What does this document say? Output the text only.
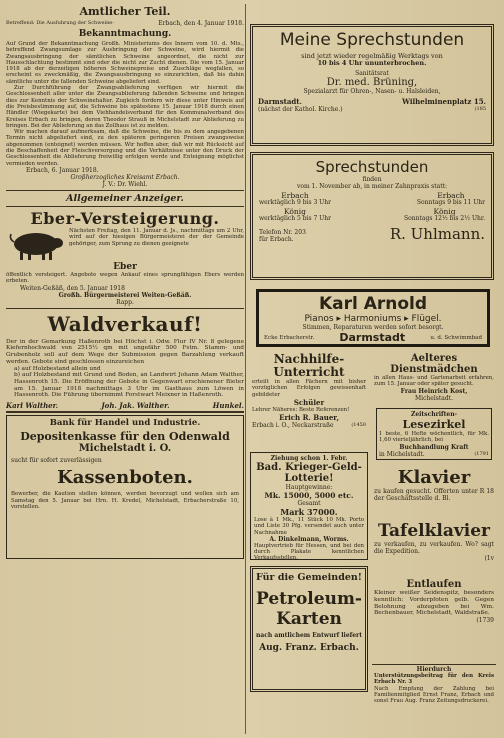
Amtlicher Teil.
Betreffend: Die Ausfuhrung der Schweine-	Erbach, den 4. Januar 1918.
Bekanntmachung.
Auf Grund der Bekanntmachung Großh. Ministeriums des Innern vom 10. d. Mts., betreffend Zwangsumlage zur Ausbringung der Schweine, wird hiermit die Zwangsausbringung der sämtlichen Schweine angeordnet, die nicht zur Hausschlachtung bestimmt sind oder die nicht zur Zucht dienen. Die vom 15. Januar 1918 ab der derzeitigen höheren Schweinepreise und Zuschläge wegfallen, so erscheint es zweckmäßig, die Zwangsausbringung so einzurichten, daß bis dahin sämtliche unter die fallenden Schweine abgeliefert sind.
Zur Durchführung der Zwangsablieferung verfügen wir hiermit die Geschlossenheit aller unter die Zwangsablieferung fallenden Schweine und bringen dies zur Kenntnis der Schweinehalter. Zugleich fordern wir diese unter Hinweis auf die Preisbestimmung auf, die Schweine bis spätestens 15. Januar 1918 durch einen Händler (Wiegekarte) bei dem Viehhandelsverband für den Kommunalverband des Kreises Erbach zu bringen, deren Theodor Strauß in Michelstadt zur Ablieferung zu bringen. Bei der Ablieferung an das Zollhaus ist zu melden.
Wir machen darauf aufmerksam, daß die Schweine, die bis zu dem angegebenen Termin nicht abgeliefert sind, zu den späteren geringeren Preisen zwangsweise abgenommen (enteignet) werden müssen. Wir hoffen aber, daß wir mit Rücksicht auf die Beschaffenheit der Fleischversorgung und die Verhältnisse unter den Druck der Geschlossenheit die Ablieferung freiwillig erfolgen werde und Enteignung möglichst vermieden werden.
Erbach, 6. Januar 1918.
Großherzogliches Kreisamt Erbach.
J. V.: Dr. Wiehl.
Allgemeiner Anzeiger.
Eber-Versteigerung.
Nächsten Freitag, den 11. Januar d. Js., nachmittags um 2 Uhr, wird auf der hiesigen Bürgermeisterei der der Gemeinde gehöriger, zum Sprung zu dienen geeignete
Eber
öffentlich versteigert. Angebote wegen Ankauf eines sprungfähigen Ebers werden erbeten.
Weiten-Geßäß, den 5. Januar 1918
Großh. Bürgermeisterei Weiten-Geßäß.
Rapp.
Waldverkauf!
Der in der Gemarkung Haßenroth bei Höchst i. Odw. Flur IV Nr. 8 gelegene Kiefernhochwald von 2515½ qm mit ungefähr 500 Fstm. Stamm- und Grubenholz soll auf dem Wege der Submission gegen Barzahlung verkauft werden. Gebote sind geschlossen einzureichen
a) auf Holzbestand allein und
b) auf Holzbestand mit Grund und Boden, an Landwirt Johann Adam Walther, Hassenroth 15. Die Eröffnung der Gebote in Gegenwart erschienener Bieter am 15. Januar 1918 nachmittags 3 Uhr im Gasthaus zum Löwen in Hassenroth. Die Führung übernimmt Forstwart Meixner in Haßenroth.
Karl Walther.	Joh. Jak. Walther.	Hunkel.
Bank für Handel und Industrie.
Depositenkasse für den Odenwald
Michelstadt i. O.
sucht für sofort zuverlässigen
Kassenboten.
Bewerber, die Kaution stellen können, werden bevorzugt und wollen sich am Samstag den 5. Januar bei Hrn. H. Kredel, Michelstadt, Erbacherstraße 10, vorstellen.
Meine Sprechstunden
sind jetzt wieder regelmäßig Werktags von
10 bis 4 Uhr ununterbrochen.
Sanitätsrat
Dr. med. Brüning,
Spezialarzt für Ohren-, Nasen- u. Halsleiden,
Darmstadt.	Wilhelminenplatz 15.
(nächst der Kathol. Kirche.)	(185
Sprechstunden
finden
vom 1. November ab, in meiner Zahnpraxis statt:
Erbach
werktäglich 9 bis 3 Uhr
Erbach
Sonntags 9 bis 11 Uhr
König
werktäglich 5 bis 7 Uhr
König
Sonntags 12½ bis 2½ Uhr.
Telefon Nr. 203
für Erbach.	R. Uhlmann.
Karl Arnold
Pianos ▸ Harmoniums ▸ Flügel.
Stimmen, Reparaturen werden sofort besorgt.
Ecke Erbacherstr. Darmstadt	u. d. Schwimmbad
Nachhilfe-Unterricht
erteilt in allen Fächern mit bisher vorzüglichen Erfolgen gewissenhaft gebildeter
Schüler
Lehrer Näheres: Beste Referenzen!
Erich R. Bauer,
Erbach i. O., Neckarstraße	(1450
Ziehung schon 1. Febr.
Bad. Krieger-Geld-Lotterie!
Hauptgewinne:
Mk. 15000, 5000 etc.
Gesamt
Mark 37000.
Lose à 1 Mk., 11 Stück 10 Mk. Porto und Liste 30 Pfg. versendet auch unter Nachnahme
A. Dinkelmann, Worms.
Hauptvertrieb für Hessen, und bei den durch Plakate kenntlichen Verkaufsstellen.
Aelteres Dienstmädchen
in allen Haus- und Gartenarbeit erfahren, zum 15. Januar oder später gesucht.
Frau Heinrich Kost,
Michelstadt.
Zeitschriften-
Lesezirkel
1 beste, 6 Hefte wöchentlich, für Mk. 1,60 vierteljährlich, bei
Buchhandlung Kraft
in Michelstadt.	(1791
Klavier
zu kaufen gesucht. Offerten unter R 18 der Geschäftsstelle d. Bl.
Tafelklavier
zu verkaufen, zu verkaufen. Wo? sagt die Expedition.
(1v
Für die Gemeinden!
Petroleum-
Karten
nach amtlichem Entwurf liefert
Aug. Franz. Erbach.
Entlaufen
Kleiner weißer Seidenspitz, besonders kenntlich: Vorderpfoten gelb. Gegen Belohnung abzugeben bei Wm. Bechenbauer, Michelstadt, Waldstraße.
(1739
Hierdurch
Unterstützungsbeitrag für den Kreis Erbach Nr. 3
Nach Empfang der Zahlung bei Familienmitglied Ernst Franz, Erbach und sonst Frau Aug. Franz Zeitungsdruckerei.
